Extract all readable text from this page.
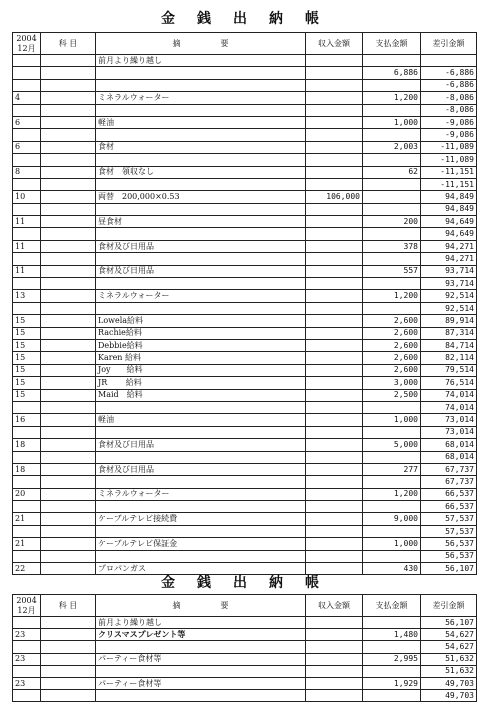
金銭出納帳
2004
12月	科 目	摘　　　　　要	収入金額	支払金額	差引金額
		前月より繰り越し			
				6,886	-6,886
					-6,886
4		ミネラルウォーター		1,200	-8,086
					-8,086
6		軽油		1,000	-9,086
					-9,086
6		食材		2,003	-11,089
					-11,089
8		食材　領収なし		62	-11,151
					-11,151
10		両替　200,000×0.53	106,000		94,849
					94,849
11		昼食材		200	94,649
					94,649
11		食材及び日用品		378	94,271
					94,271
11		食材及び日用品		557	93,714
					93,714
13		ミネラルウォーター		1,200	92,514
					92,514
15		Lowela給料		2,600	89,914
15		Rachie給料		2,600	87,314
15		Debbie給料		2,600	84,714
15		Karen 給料		2,600	82,114
15		Joy　　給料		2,600	79,514
15		JR　　 給料		3,000	76,514
15		Maid　給料		2,500	74,014
					74,014
16		軽油		1,000	73,014
					73,014
18		食材及び日用品		5,000	68,014
					68,014
18		食材及び日用品		277	67,737
					67,737
20		ミネラルウォーター		1,200	66,537
					66,537
21		ケーブルテレビ接続費		9,000	57,537
					57,537
21		ケーブルテレビ保証金		1,000	56,537
					56,537
22		プロパンガス		430	56,107
金銭出納帳
2004
12月	科 目	摘　　　　　要	収入金額	支払金額	差引金額
		前月より繰り越し			56,107
23		クリスマスプレゼント等		1,480	54,627
					54,627
23		パーティー食材等		2,995	51,632
					51,632
23		パーティー食材等		1,929	49,703
					49,703
